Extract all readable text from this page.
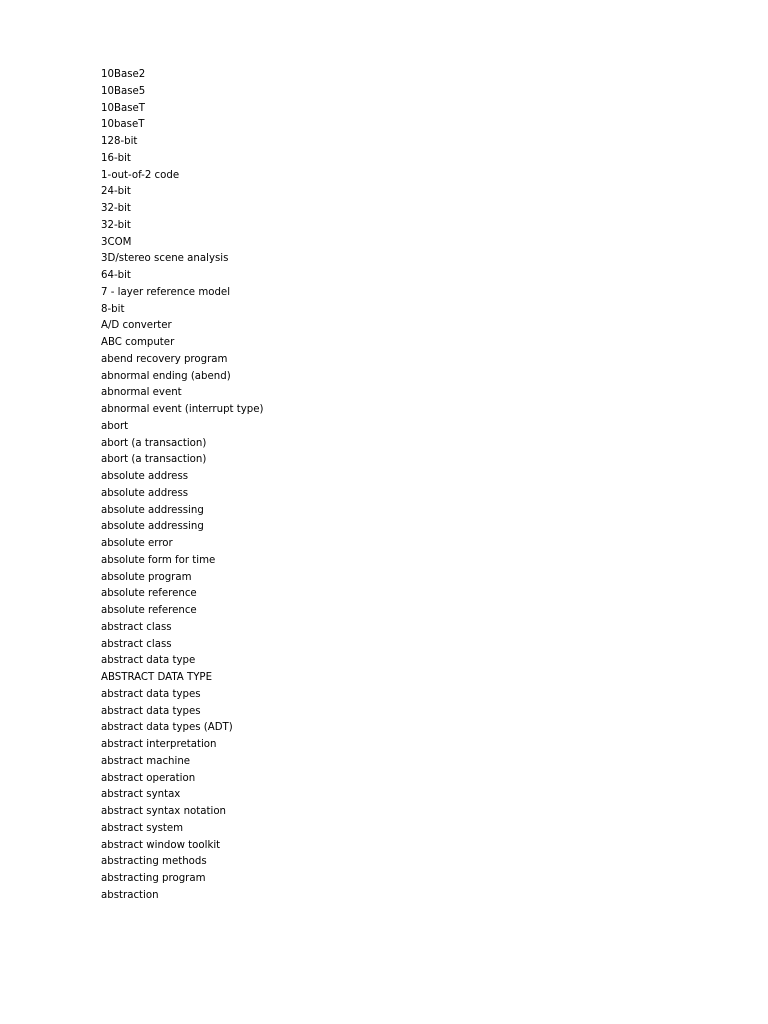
10Base2
10Base5
10BaseT
10baseT
128-bit
16-bit
1-out-of-2 code
24-bit
32-bit
32-bit
3COM
3D/stereo scene analysis
64-bit
7 - layer reference model
8-bit
A/D converter
ABC computer
abend recovery program
abnormal ending (abend)
abnormal event
abnormal event (interrupt type)
abort
abort (a transaction)
abort (a transaction)
absolute address
absolute address
absolute addressing
absolute addressing
absolute error
absolute form for time
absolute program
absolute reference
absolute reference
abstract class
abstract class
abstract data type
ABSTRACT DATA TYPE
abstract data types
abstract data types
abstract data types (ADT)
abstract interpretation
abstract machine
abstract operation
abstract syntax
abstract syntax notation
abstract system
abstract window toolkit
abstracting methods
abstracting program
abstraction
